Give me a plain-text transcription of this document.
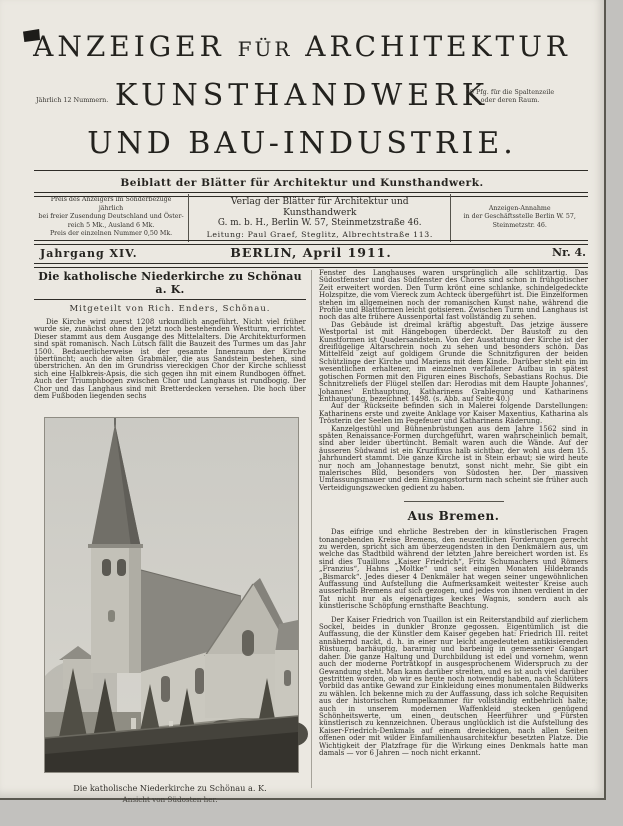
ANZEIGER FÜR ARCHITEKTUR
Jährlich 12 Nummern. KUNSTHANDWERK
50 Pfg. für die Spaltenzeile
oder deren Raum.
UND BAU-INDUSTRIE.
Beiblatt der Blätter für Architektur und Kunsthandwerk.
Preis des Anzeigers im Sonderbezuge jährlich
bei freier Zusendung Deutschland und Öster-
reich 5 Mk., Ausland 6 Mk.
Preis der einzelnen Nummer 0,50 Mk.
Verlag der Blätter für Architektur und Kunsthandwerk
G. m. b. H., Berlin W. 57, Steinmetzstraße 46.
Leitung: Paul Graef, Steglitz, Albrechtstraße 113.
Anzeigen-Annahme
in der Geschäftsstelle Berlin W. 57,
Steinmetzstr. 46.
Jahrgang XIV.	BERLIN, April 1911.	Nr. 4.
Die katholische Niederkirche zu Schönau a. K.
Mitgeteilt von Rich. Enders, Schönau.

Die Kirche wird zuerst 1208 urkundlich angeführt. Nicht viel früher wurde sie, zunächst ohne den jetzt noch bestehenden Westturm, errichtet. Dieser stammt aus dem Ausgange des Mittelalters. Die Architekturformen sind spät romanisch. Nach Lutsch fällt die Bauzeit des Turmes um das Jahr 1500. Bedauerlicherweise ist der gesamte Innenraum der Kirche übertüncht; auch die alten Grabmäler, die aus Sandstein bestehen, sind überstrichen. An den im Grundriss viereckigen Chor der Kirche schliesst sich eine Halbkreis-Apsis, die sich gegen ihn mit einem Rundbogen öffnet. Auch der Triumphbogen zwischen Chor und Langhaus ist rundbogig. Der Chor und das Langhaus sind mit Bretterdecken versehen. Die hoch über dem Fußboden liegenden sechs

Die katholische Niederkirche zu Schönau a. K.
Ansicht von Südosten her.

Fenster des Langhauses waren ursprünglich alle schlitzartig. Das Südostfenster und das Südfenster des Chores sind schon in frühgotischer Zeit erweitert worden. Den Turm krönt eine schlanke, schindelgedeckte Holzspitze, die vom Viereck zum Achteck übergeführt ist. Die Einzelformen stehen im allgemeinen noch der romanischen Kunst nahe, während die Profile und Blattformen leicht gotisieren. Zwischen Turm und Langhaus ist noch das alte frühere Aussenportal fast vollständig zu sehen.

Das Gebäude ist dreimal kräftig abgestuft. Das jetzige äussere Westportal ist mit Hängebogen überdeckt. Der Baustoff zu den Kunstformen ist Quadersandstein. Von der Ausstattung der Kirche ist der dreiflügelige Altarschrein noch zu sehen und besonders schön. Das Mittelfeld zeigt auf goldigem Grunde die Schnitzfiguren der beiden Schützlinge der Kirche und Mariens mit dem Kinde. Darüber steht ein im wesentlichen erhaltener, im einzelnen verfallener Aufbau in spätest gotischen Formen mit den Figuren eines Bischofs, Sebastians Rochus. Die Schnitzreliefs der Flügel stellen dar: Herodias mit dem Haupte Johannes', Johannes' Enthauptung, Katharinens Grablegung und Katharinens Enthauptung, bezeichnet 1498. (s. Abb. auf Seite 40.)

Auf der Rückseite befinden sich in Malerei folgende Darstellungen: Katharinens erste und zweite Anklage vor Kaiser Maxentius, Katharina als Trösterin der Seelen im Fegefeuer und Katharinens Räderung.

Kanzelgestühl und Bühnenbrüstungen aus dem Jahre 1562 sind in späten Renaissance-Formen durchgeführt, waren wahrscheinlich bemalt, sind aber leider übertüncht. Bemalt waren auch die Wände. Auf der äusseren Südwand ist ein Kruzifixus halb sichtbar, der wohl aus dem 15. Jahrhundert stammt. Die ganze Kirche ist in Stein erbaut; sie wird heute nur noch am Johannestage benutzt, sonst nicht mehr. Sie gibt ein malerisches Bild, besonders von Südosten her. Der massiven Umfassungsmauer und dem Eingangstorturm nach scheint sie früher auch Verteidigungszwecken gedient zu haben.

Aus Bremen.

Das eifrige und ehrliche Bestreben der in künstlerischen Fragen tonangebenden Kreise Bremens, den neuzeitlichen Forderungen gerecht zu werden, spricht sich am überzeugendsten in den Denkmälern aus, um welche das Stadtbild während der letzten Jahre bereichert worden ist. Es sind dies Tuaillons „Kaiser Friedrich“, Fritz Schumachers und Römers „Franzius“, Hahns „Moltke“ und seit einigen Monaten Hildebrands „Bismarck“. Jedes dieser 4 Denkmäler hat wegen seiner ungewöhnlichen Auffassung und Aufstellung die Aufmerksamkeit weitester Kreise auch ausserhalb Bremens auf sich gezogen, und jedes von ihnen verdient in der Tat nicht nur als eigenartiges keckes Wagnis, sondern auch als künstlerische Schöpfung ernsthafte Beachtung.

Der Kaiser Friedrich von Tuaillon ist ein Reiterstandbild auf zierlichem Sockel, beides in dunkler Bronze gegossen. Eigentümlich ist die Auffassung, die der Künstler dem Kaiser gegeben hat: Friedrich III. reitet annähernd nackt, d. h. in einer nur leicht angedeuteten antikisierenden Rüstung, barhäuptig, bararmig und barbeinig in gemessener Gangart daher. Die ganze Haltung und Durchbildung ist edel und vornehm, wenn auch der moderne Porträtkopf in ausgesprochenem Widerspruch zu der Gewandung steht. Man kann darüber streiten, und es ist auch viel darüber gestritten worden, ob wir es heute noch notwendig haben, nach Schlüters Vorbild das antike Gewand zur Einkleidung eines monumentalen Bildwerks zu wählen. Ich bekenne mich zu der Auffassung, dass ich solche Requisiten aus der historischen Rumpelkammer für vollständig entbehrlich halte; auch in unserem modernen Waffenkleid stecken genügend Schönheitswerte, um einen deutschen Heerführer und Fürsten künstlerisch zu kennzeichnen. Überaus unglücklich ist die Aufstellung des Kaiser-Friedrich-Denkmals auf einem dreieckigen, nach allen Seiten offenen oder mit wilder Einfamilienhausarchitektur besetzten Platze. Die Wichtigkeit der Platzfrage für die Wirkung eines Denkmals hatte man damals — vor 6 Jahren — noch nicht erkannt.
